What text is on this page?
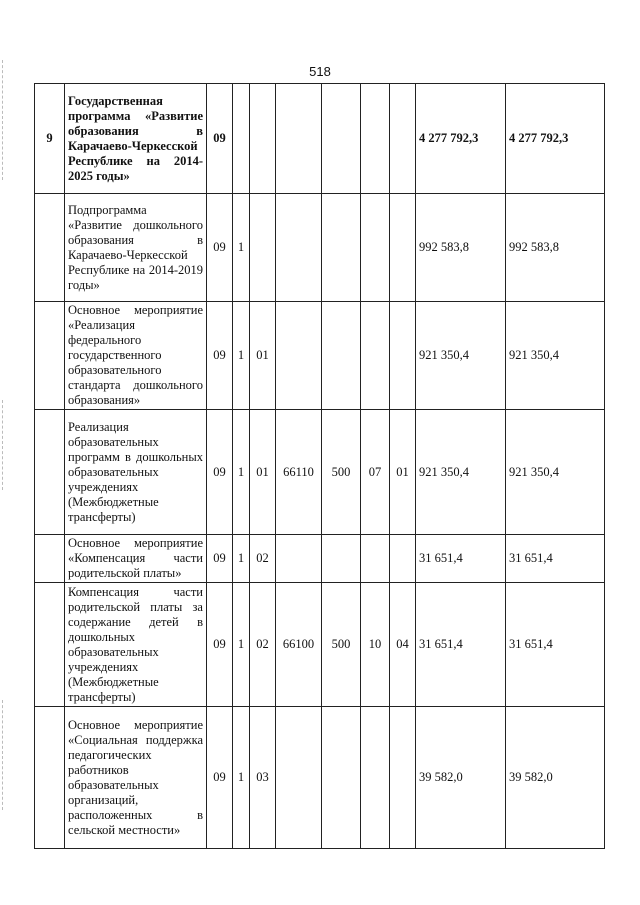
518
9	Государственная программа «Развитие образования в Карачаево-Черкесской Республике на 2014-2025 годы»	09							4 277 792,3	4 277 792,3
	Подпрограмма «Развитие дошкольного образования в Карачаево-Черкесской Республике на 2014-2019 годы»	09	1						992 583,8	992 583,8
	Основное мероприятие «Реализация федерального государственного образовательного стандарта дошкольного образования»	09	1	01					921 350,4	921 350,4
	Реализация образовательных программ в дошкольных образовательных учреждениях (Межбюджетные трансферты)	09	1	01	66110	500	07	01	921 350,4	921 350,4
	Основное мероприятие «Компенсация части родительской платы»	09	1	02					31 651,4	31 651,4
	Компенсация части родительской платы за содержание детей в дошкольных образовательных учреждениях (Межбюджетные трансферты)	09	1	02	66100	500	10	04	31 651,4	31 651,4
	Основное мероприятие «Социальная поддержка педагогических работников образовательных организаций, расположенных в сельской местности»	09	1	03					39 582,0	39 582,0
